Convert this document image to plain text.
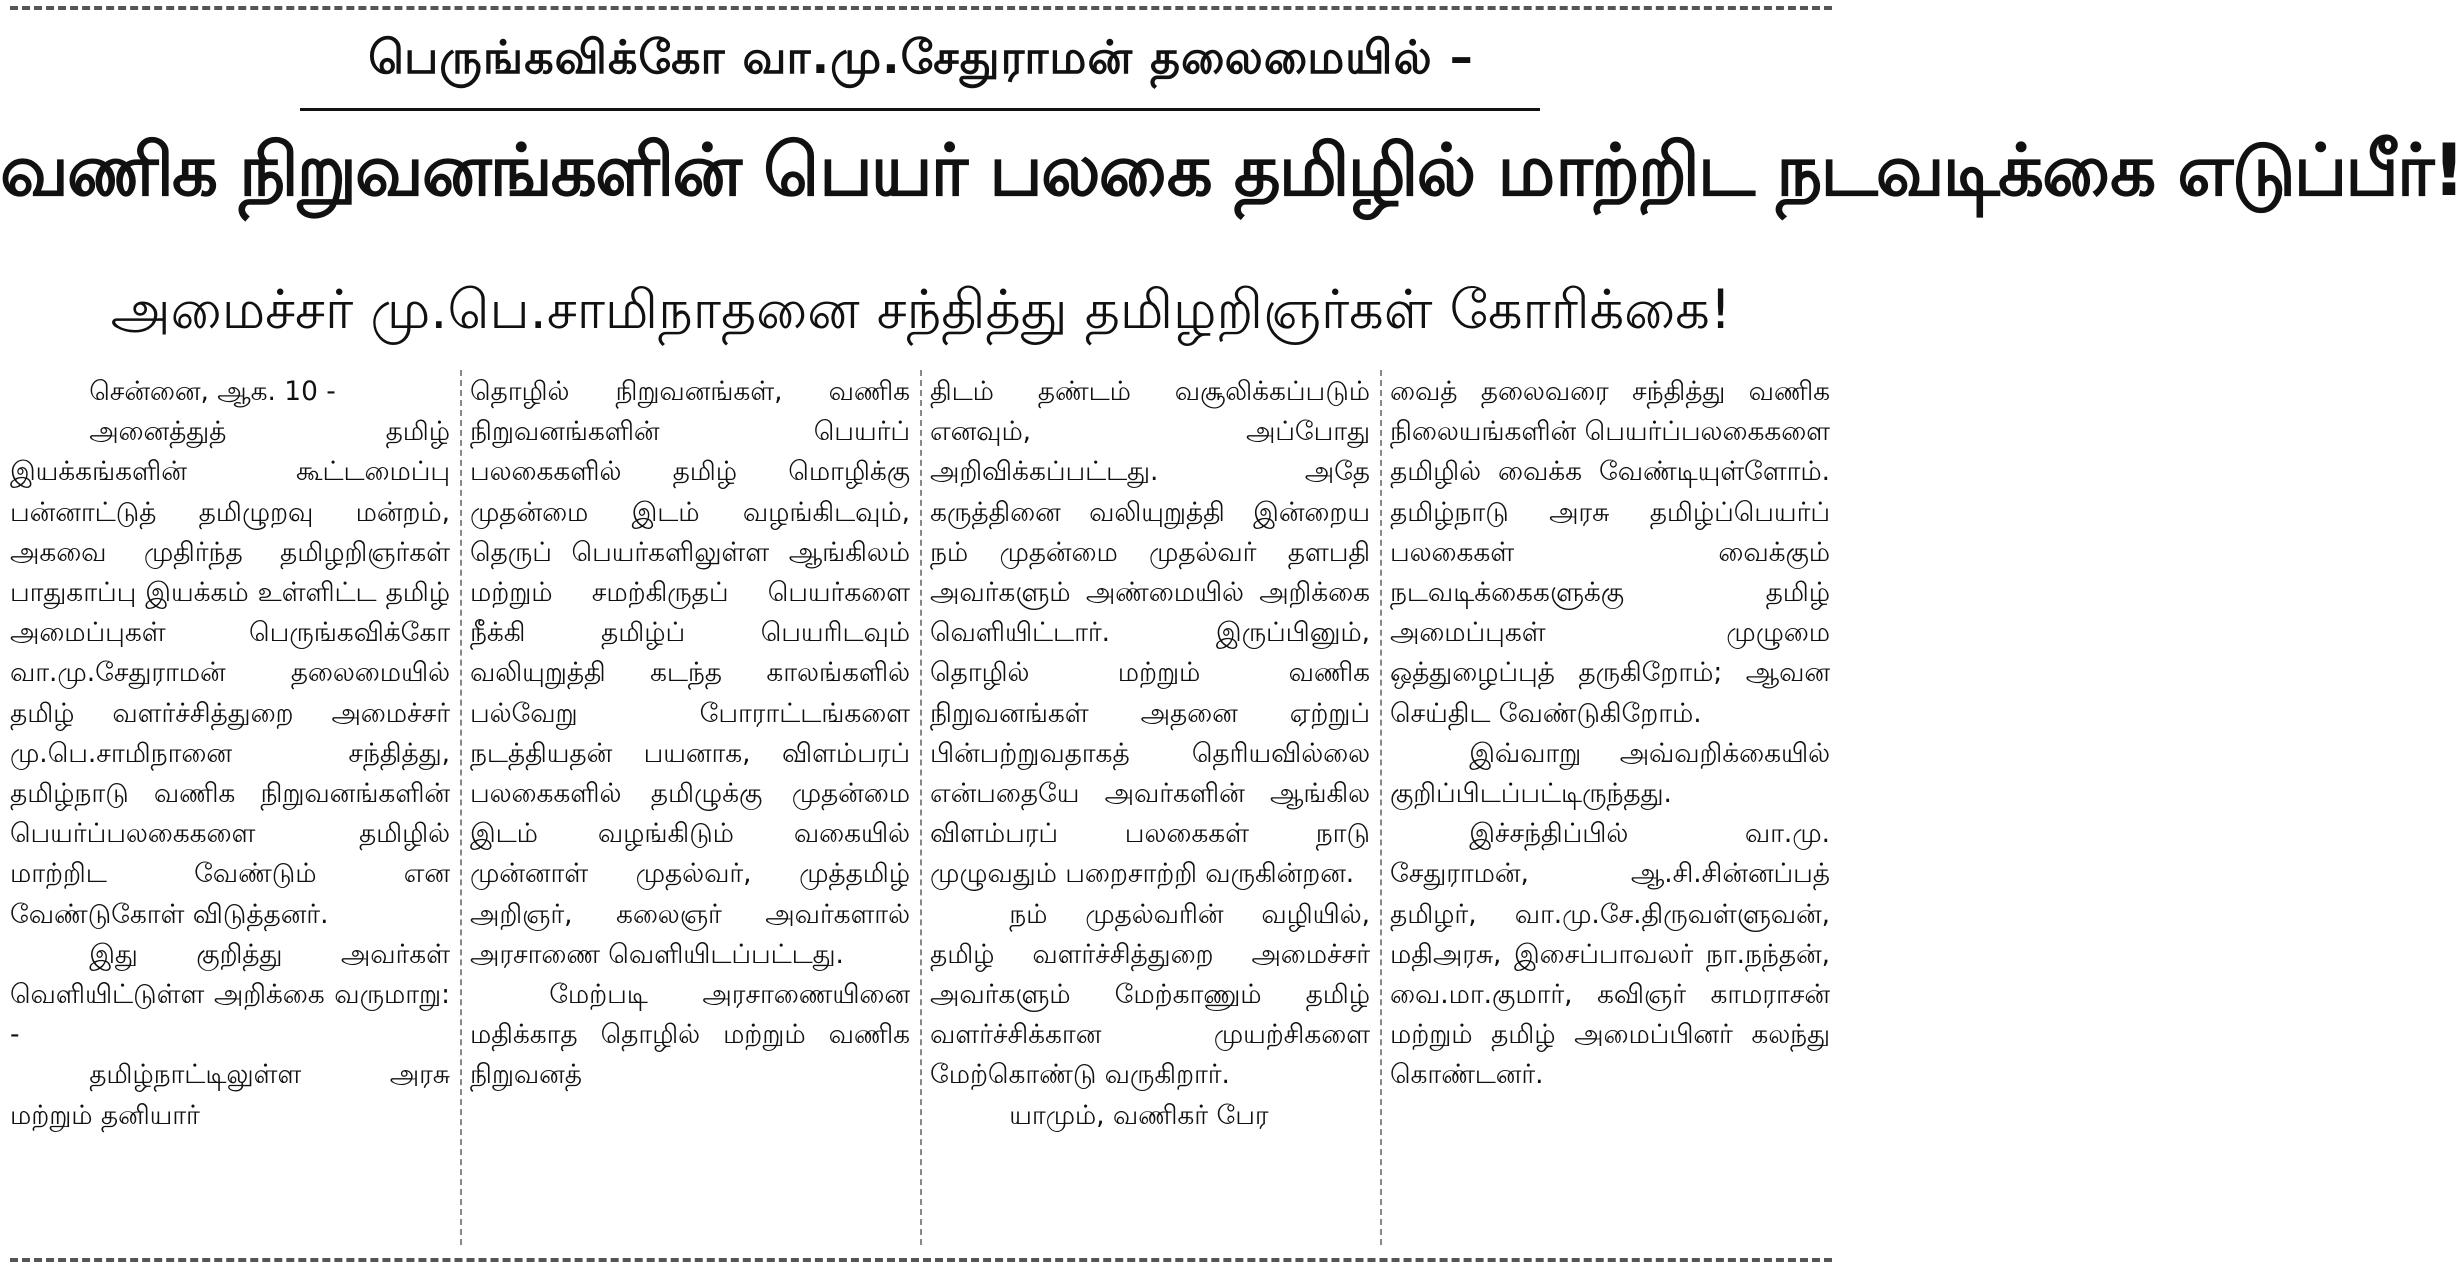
பெருங்கவிக்கோ வா.மு.சேதுராமன் தலைமையில் –
வணிக நிறுவனங்களின் பெயர் பலகை தமிழில் மாற்றிட நடவடிக்கை எடுப்பீர்!
அமைச்சர் மு.பெ.சாமிநாதனை சந்தித்து தமிழறிஞர்கள் கோரிக்கை!

சென்னை, ஆக. 10 -

அனைத்துத் தமிழ் இயக்கங்களின் கூட்டமைப்பு பன்னாட்டுத் தமிழுறவு மன்றம், அகவை முதிர்ந்த தமிழறிஞர்கள் பாதுகாப்பு இயக்கம் உள்ளிட்ட தமிழ் அமைப்புகள் பெருங்கவிக்கோ வா.மு.சேதுராமன் தலைமையில் தமிழ் வளர்ச்சித்துறை அமைச்சர் மு.பெ.சாமிநானை சந்தித்து, தமிழ்நாடு வணிக நிறுவனங்களின் பெயர்ப்பலகைகளை தமிழில் மாற்றிட வேண்டும் என வேண்டுகோள் விடுத்தனர்.

இது குறித்து அவர்கள் வெளியிட்டுள்ள அறிக்கை வருமாறு: -

தமிழ்நாட்டிலுள்ள அரசு மற்றும் தனியார்

தொழில் நிறுவனங்கள், வணிக நிறுவனங்களின் பெயர்ப் பலகைகளில் தமிழ் மொழிக்கு முதன்மை இடம் வழங்கிடவும், தெருப் பெயர்களிலுள்ள ஆங்கிலம் மற்றும் சமற்கிருதப் பெயர்களை நீக்கி தமிழ்ப் பெயரிடவும் வலியுறுத்தி கடந்த காலங்களில் பல்வேறு போராட்டங்களை நடத்தியதன் பயனாக, விளம்பரப் பலகைகளில் தமிழுக்கு முதன்மை இடம் வழங்கிடும் வகையில் முன்னாள் முதல்வர், முத்தமிழ் அறிஞர், கலைஞர் அவர்களால் அரசாணை வெளியிடப்பட்டது.

மேற்படி அரசாணையினை மதிக்காத தொழில் மற்றும் வணிக நிறுவனத்

திடம் தண்டம் வசூலிக்கப்படும் எனவும், அப்போது அறிவிக்கப்பட்டது. அதே கருத்தினை வலியுறுத்தி இன்றைய நம் முதன்மை முதல்வர் தளபதி அவர்களும் அண்மையில் அறிக்கை வெளியிட்டார். இருப்பினும், தொழில் மற்றும் வணிக நிறுவனங்கள் அதனை ஏற்றுப் பின்பற்றுவதாகத் தெரியவில்லை என்பதையே அவர்களின் ஆங்கில விளம்பரப் பலகைகள் நாடு முழுவதும் பறைசாற்றி வருகின்றன.

நம் முதல்வரின் வழியில், தமிழ் வளர்ச்சித்துறை அமைச்சர் அவர்களும் மேற்காணும் தமிழ் வளர்ச்சிக்கான முயற்சிகளை மேற்கொண்டு வருகிறார்.

யாமும், வணிகர் பேர

வைத் தலைவரை சந்தித்து வணிக நிலையங்களின் பெயர்ப்பலகைகளை தமிழில் வைக்க வேண்டியுள்ளோம். தமிழ்நாடு அரசு தமிழ்ப்பெயர்ப் பலகைகள் வைக்கும் நடவடிக்கைகளுக்கு தமிழ் அமைப்புகள் முழுமை ஒத்துழைப்புத் தருகிறோம்; ஆவன செய்திட வேண்டுகிறோம்.

இவ்வாறு அவ்வறிக்கையில் குறிப்பிடப்பட்டிருந்தது.

இச்சந்திப்பில் வா.மு. சேதுராமன், ஆ.சி.சின்னப்பத் தமிழர், வா.மு.சே.திருவள்ளுவன், மதிஅரசு, இசைப்பாவலர் நா.நந்தன், வை.மா.குமார், கவிஞர் காமராசன் மற்றும் தமிழ் அமைப்பினர் கலந்து கொண்டனர்.
